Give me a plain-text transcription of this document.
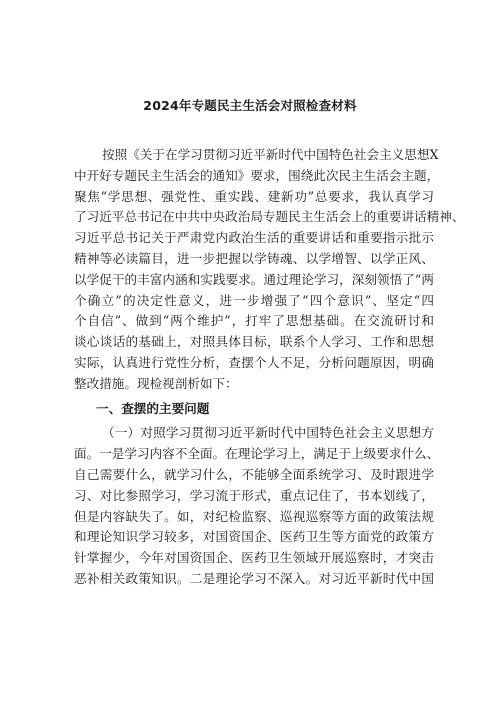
2024年专题民主生活会对照检查材料
按照《关于在学习贯彻习近平新时代中国特色社会主义思想X
中开好专题民主生活会的通知》要求，围绕此次民主生活会主题，
聚焦“学思想、强党性、重实践、建新功”总要求，我认真学习
了习近平总书记在中共中央政治局专题民主生活会上的重要讲话精神、
习近平总书记关于严肃党内政治生活的重要讲话和重要指示批示
精神等必读篇目，进一步把握以学铸魂、以学增智、以学正风、
以学促干的丰富内涵和实践要求。通过理论学习，深刻领悟了“两
个确立”的决定性意义，进一步增强了“四个意识”、坚定“四
个自信”、做到“两个维护”，打牢了思想基础。在交流研讨和
谈心谈话的基础上，对照具体目标，联系个人学习、工作和思想
实际，认真进行党性分析，查摆个人不足，分析问题原因，明确
整改措施。现检视剖析如下：
一、查摆的主要问题
（一）对照学习贯彻习近平新时代中国特色社会主义思想方
面。一是学习内容不全面。在理论学习上，满足于上级要求什么、
自己需要什么，就学习什么，不能够全面系统学习、及时跟进学
习、对比参照学习，学习流于形式，重点记住了，书本划线了，
但是内容缺失了。如，对纪检监察、巡视巡察等方面的政策法规
和理论知识学习较多，对国资国企、医药卫生等方面党的政策方
针掌握少，今年对国资国企、医药卫生领域开展巡察时，才突击
恶补相关政策知识。二是理论学习不深入。对习近平新时代中国
